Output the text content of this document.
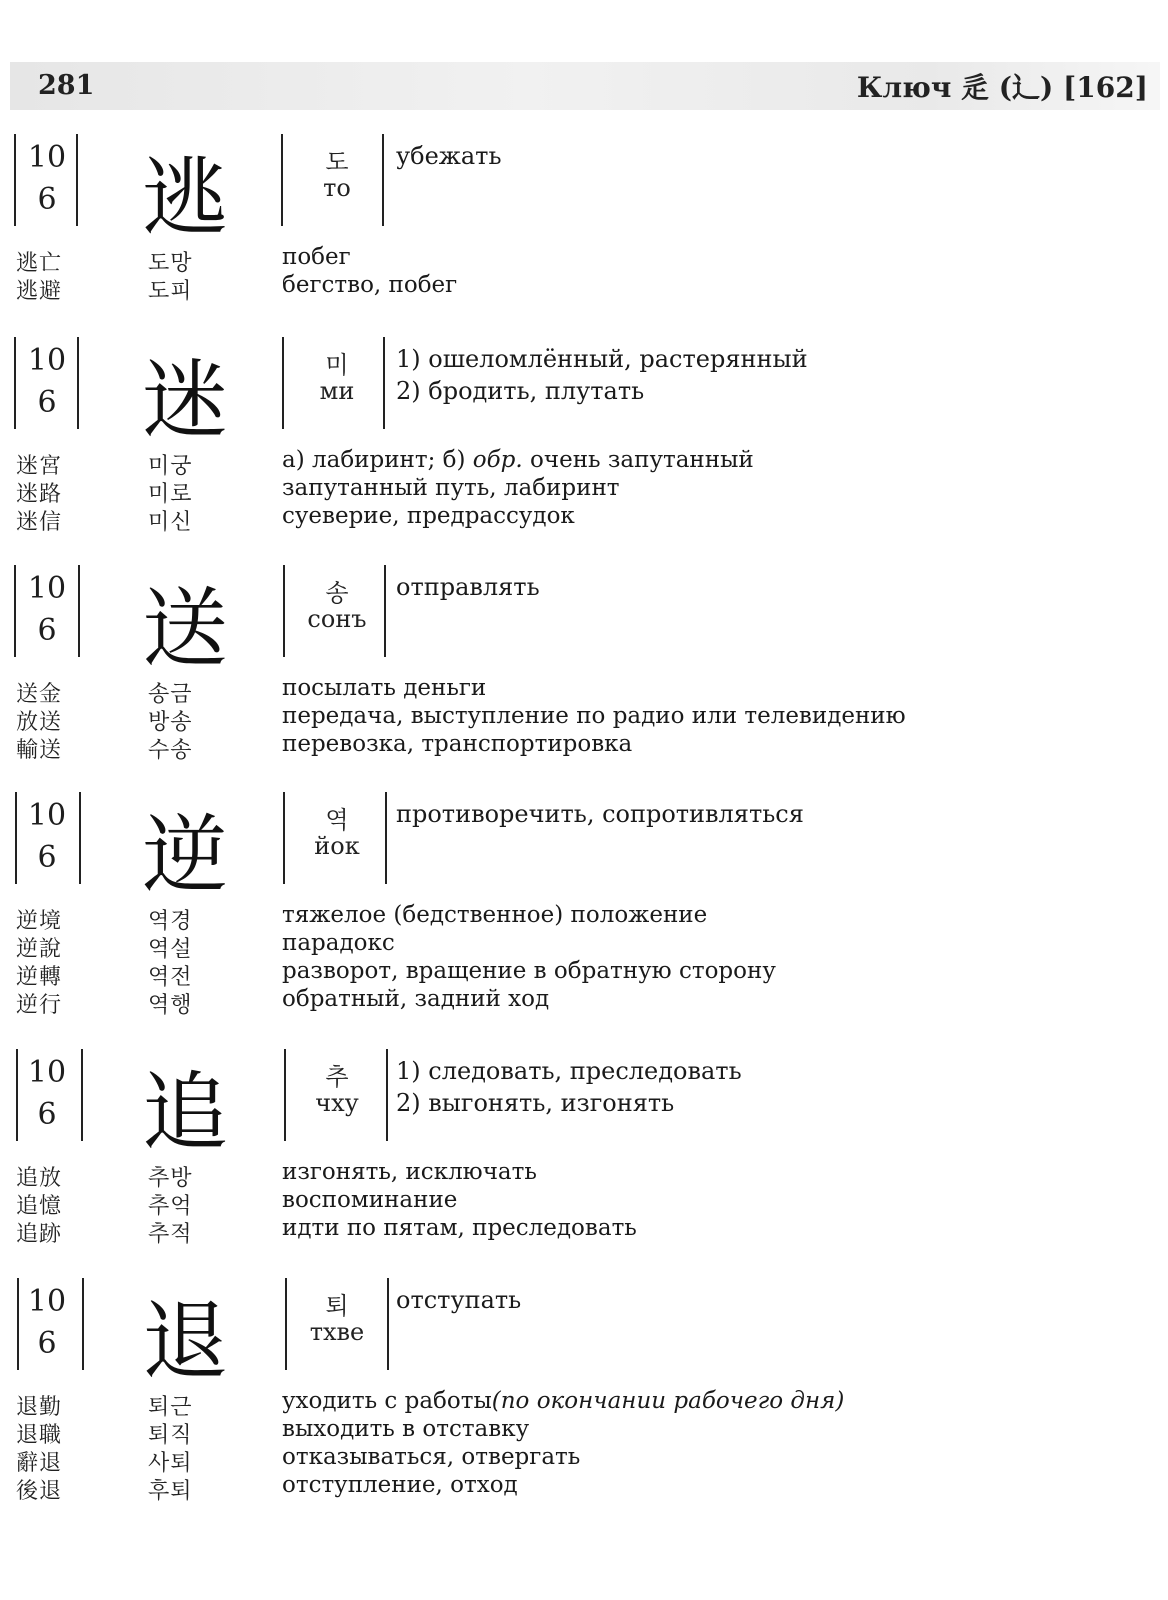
281	Ключ 辵 (辶) [162]
10
6 逃	도
то
убежать
逃亡	도망	побег
逃避	도피	бегство, побег
10
6 迷	미
ми
1) ошеломлённый, растерянный
2) бродить, плутать
迷宮	미궁	а) лабиринт; б) обр. очень запутанный
迷路	미로	запутанный путь, лабиринт
迷信	미신	суеверие, предрассудок
10
6 送	송
сонъ
отправлять
送金	송금	посылать деньги
放送	방송	передача, выступление по радио или телевидению
輸送	수송	перевозка, транспортировка
10
6 逆	역
йок
противоречить, сопротивляться
逆境	역경	тяжелое (бедственное) положение
逆說	역설	парадокс
逆轉	역전	разворот, вращение в обратную сторону
逆行	역행	обратный, задний ход
10
6 追	추
чху
1) следовать, преследовать
2) выгонять, изгонять
追放	추방	изгонять, исключать
追憶	추억	воспоминание
追跡	추적	идти по пятам, преследовать
10
6 退	퇴
тхве
отступать
退勤	퇴근	уходить с работы(по окончании рабочего дня)
退職	퇴직	выходить в отставку
辭退	사퇴	отказываться, отвергать
後退	후퇴	отступление, отход
